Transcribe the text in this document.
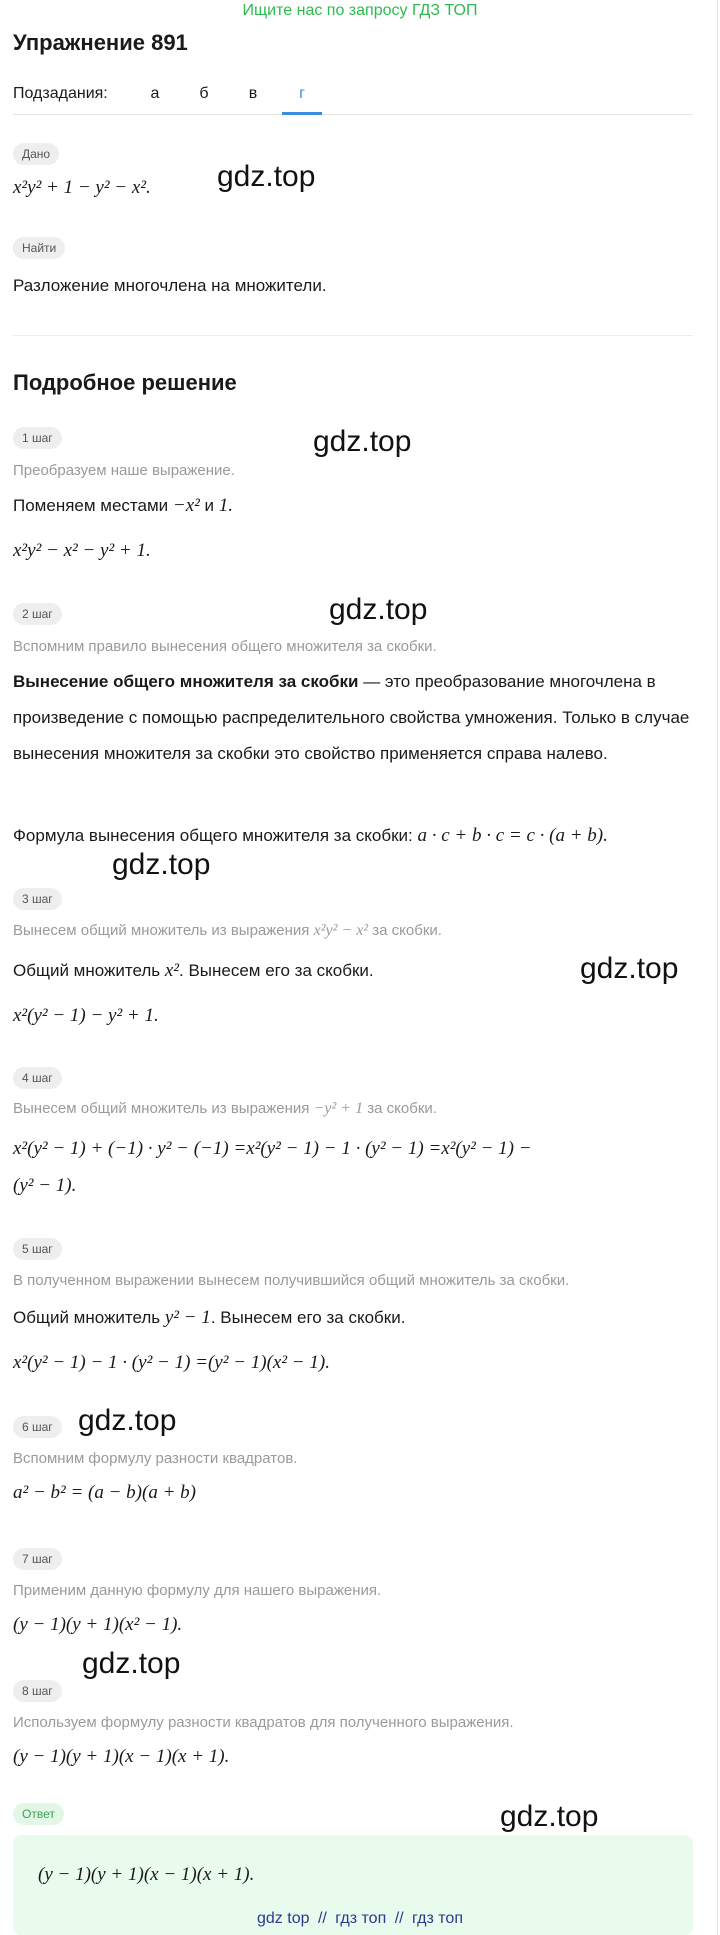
Ищите нас по запросу ГДЗ ТОП
Упражнение 891
Подзадания:	а	б	в	г
Дано
x²y² + 1 − y² − x². gdz.top
Найти
Разложение многочлена на множители.
Подробное решение
1 шаг	gdz.top
Преобразуем наше выражение.
Поменяем местами −x² и 1.
x²y² − x² − y² + 1.
2 шаг	gdz.top
Вспомним правило вынесения общего множителя за скобки.
Вынесение общего множителя за скобки — это преобразование многочлена в произведение с помощью распределительного свойства умножения. Только в случае вынесения множителя за скобки это свойство применяется справа налево.
Формула вынесения общего множителя за скобки: a · c + b · c = c · (a + b).
gdz.top
3 шаг
Вынесем общий множитель из выражения x²y² − x² за скобки.
gdz.top
Общий множитель x². Вынесем его за скобки.
x²(y² − 1) − y² + 1.
4 шаг
Вынесем общий множитель из выражения −y² + 1 за скобки.
x²(y² − 1) + (−1) · y² − (−1) =x²(y² − 1) − 1 · (y² − 1) =x²(y² − 1) −
(y² − 1).
5 шаг
В полученном выражении вынесем получившийся общий множитель за скобки.
Общий множитель y² − 1. Вынесем его за скобки.
x²(y² − 1) − 1 · (y² − 1) =(y² − 1)(x² − 1).
6 шаг gdz.top
Вспомним формулу разности квадратов.
a² − b² = (a − b)(a + b)
7 шаг
Применим данную формулу для нашего выражения.
(y − 1)(y + 1)(x² − 1).
8 шаг
gdz.top
Используем формулу разности квадратов для полученного выражения.
(y − 1)(y + 1)(x − 1)(x + 1).
Ответ	gdz.top
(y − 1)(y + 1)(x − 1)(x + 1).
gdz top // гдз топ // гдз топ
